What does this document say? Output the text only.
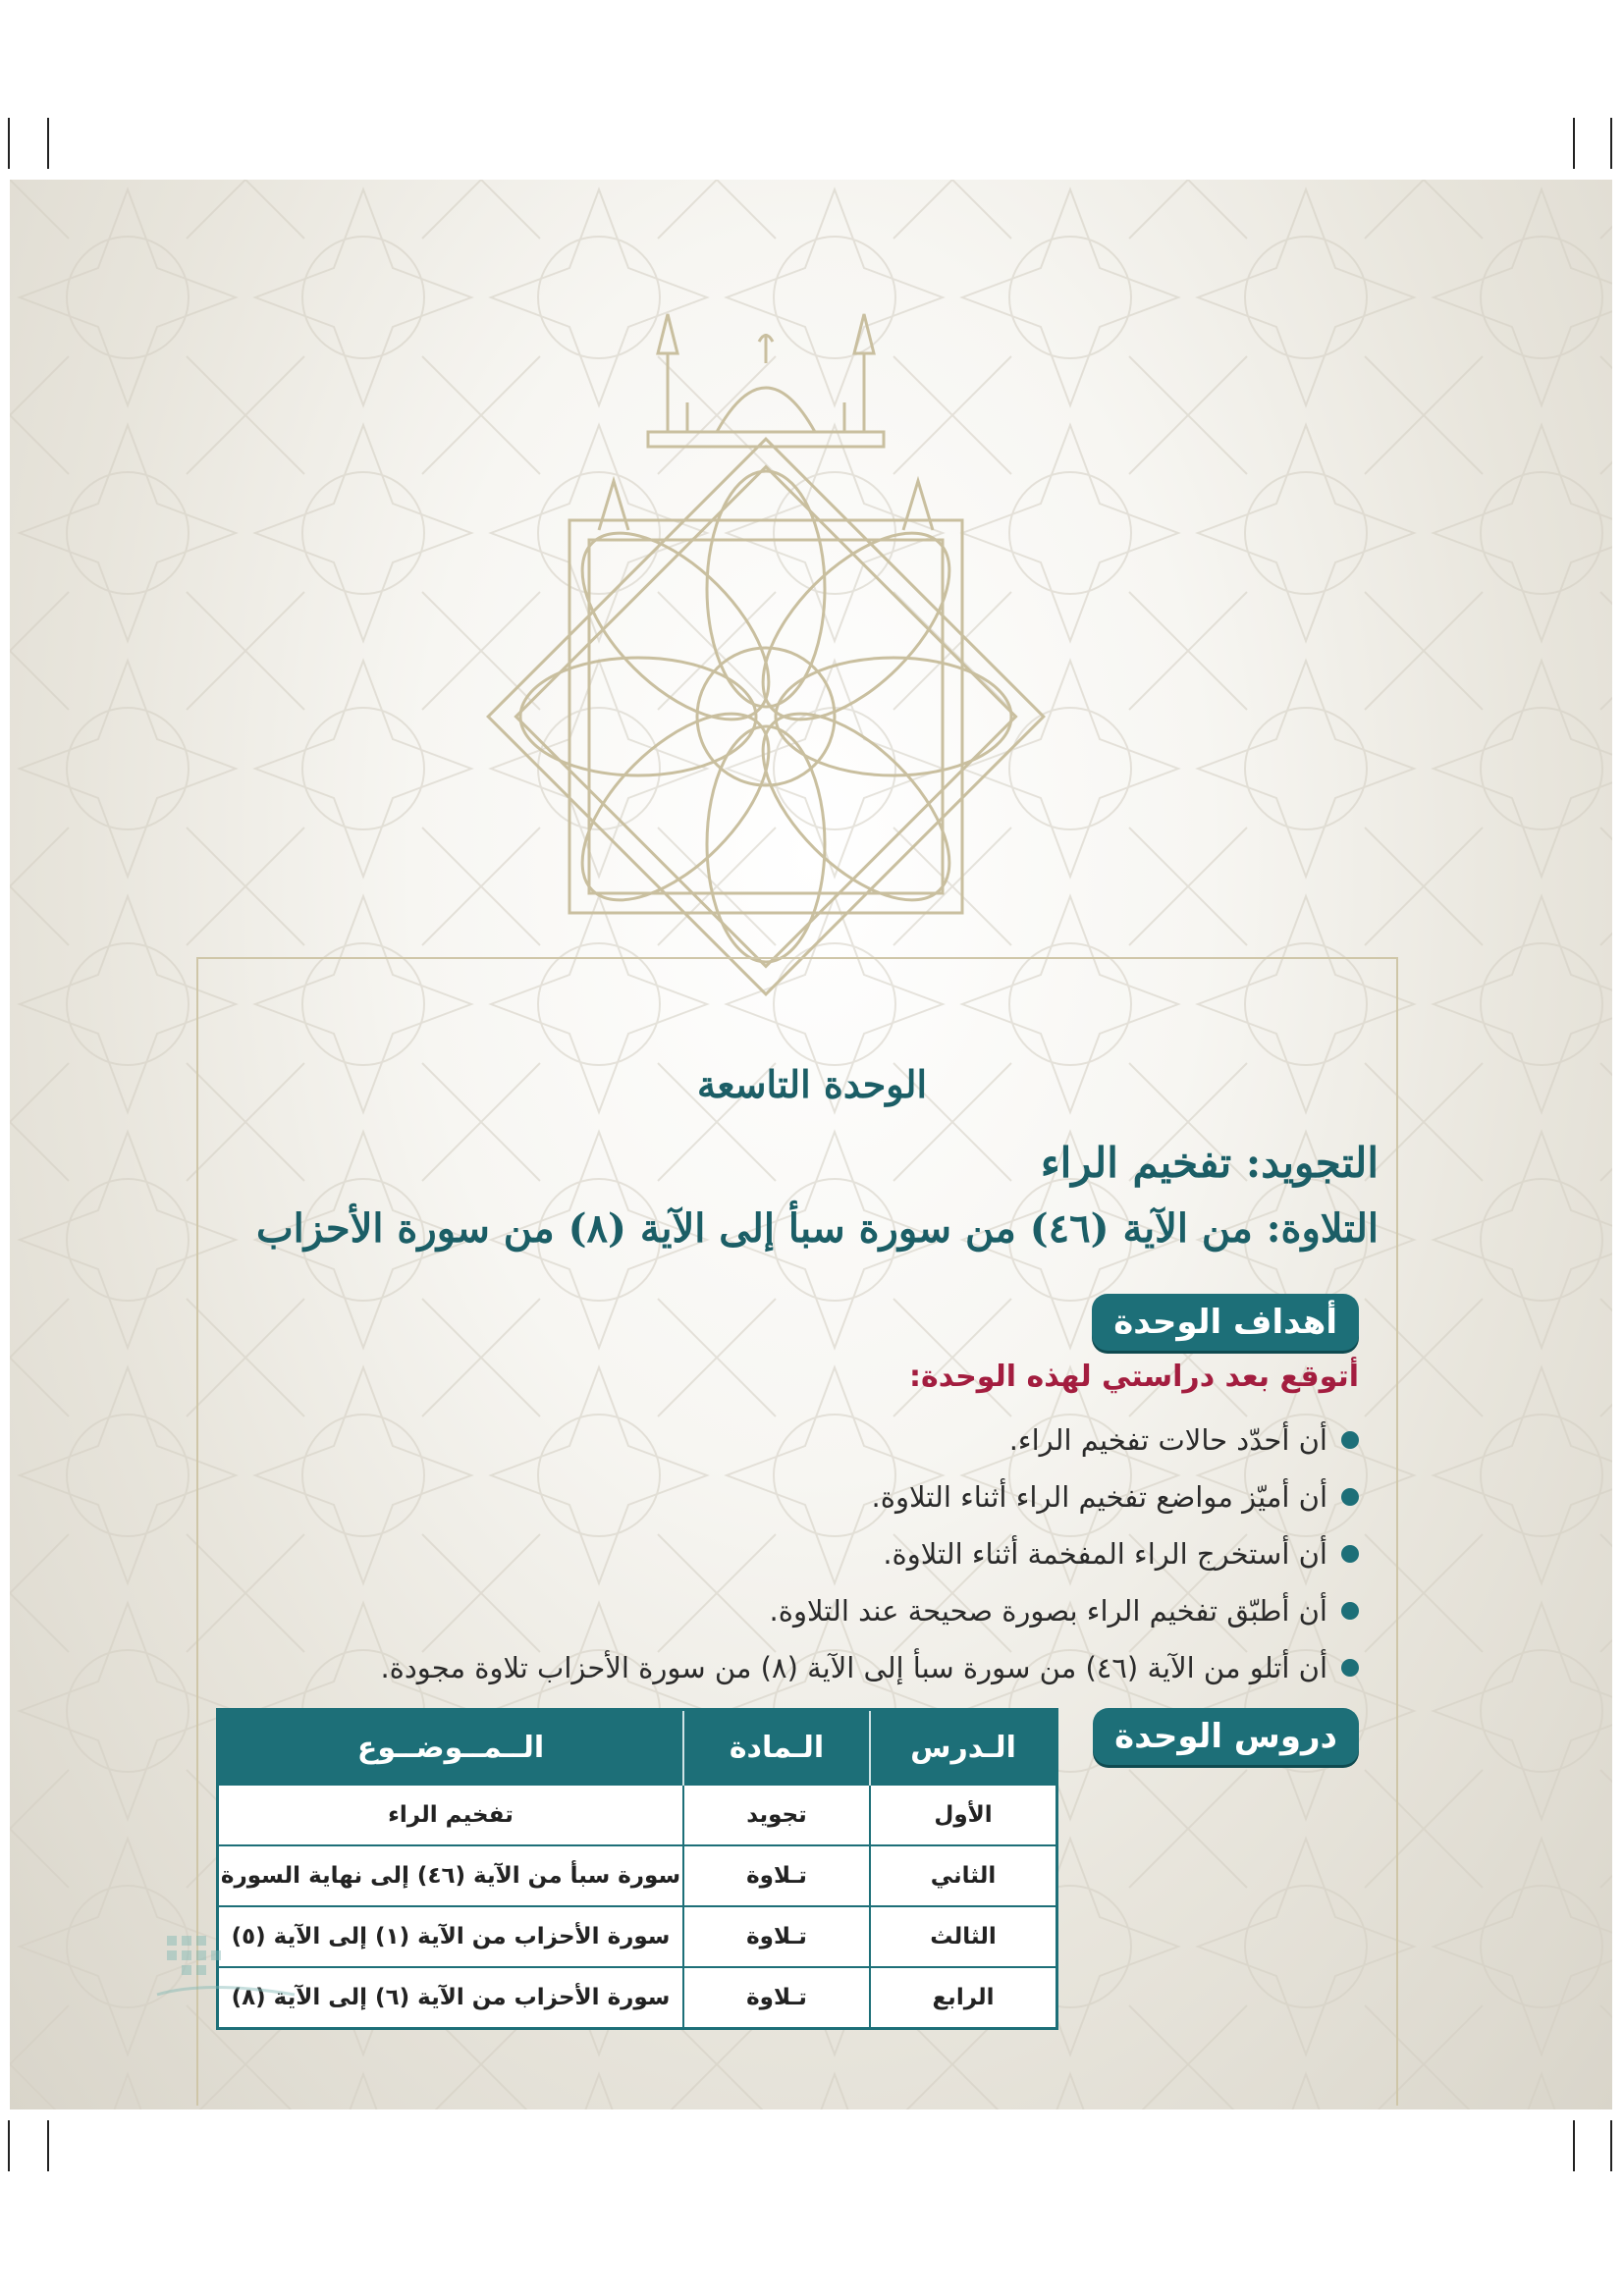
الوحدة التاسعة
التجويد: تفخيم الراء
التلاوة: من الآية (٤٦) من سورة سبأ إلى الآية (٨) من سورة الأحزاب
أهداف الوحدة
أتوقع بعد دراستي لهذه الوحدة:
أن أحدّد حالات تفخيم الراء.
أن أميّز مواضع تفخيم الراء أثناء التلاوة.
أن أستخرج الراء المفخمة أثناء التلاوة.
أن أطبّق تفخيم الراء بصورة صحيحة عند التلاوة.
أن أتلو من الآية (٤٦) من سورة سبأ إلى الآية (٨) من سورة الأحزاب تلاوة مجودة.
دروس الوحدة
الـدرس	الـمادة	الــمــوضــوع
الأول	تجويد	تفخيم الراء
الثاني	تـلاوة	سورة سبأ من الآية (٤٦) إلى نهاية السورة
الثالث	تـلاوة	سورة الأحزاب من الآية (١) إلى الآية (٥)
الرابع	تـلاوة	سورة الأحزاب من الآية (٦) إلى الآية (٨)
